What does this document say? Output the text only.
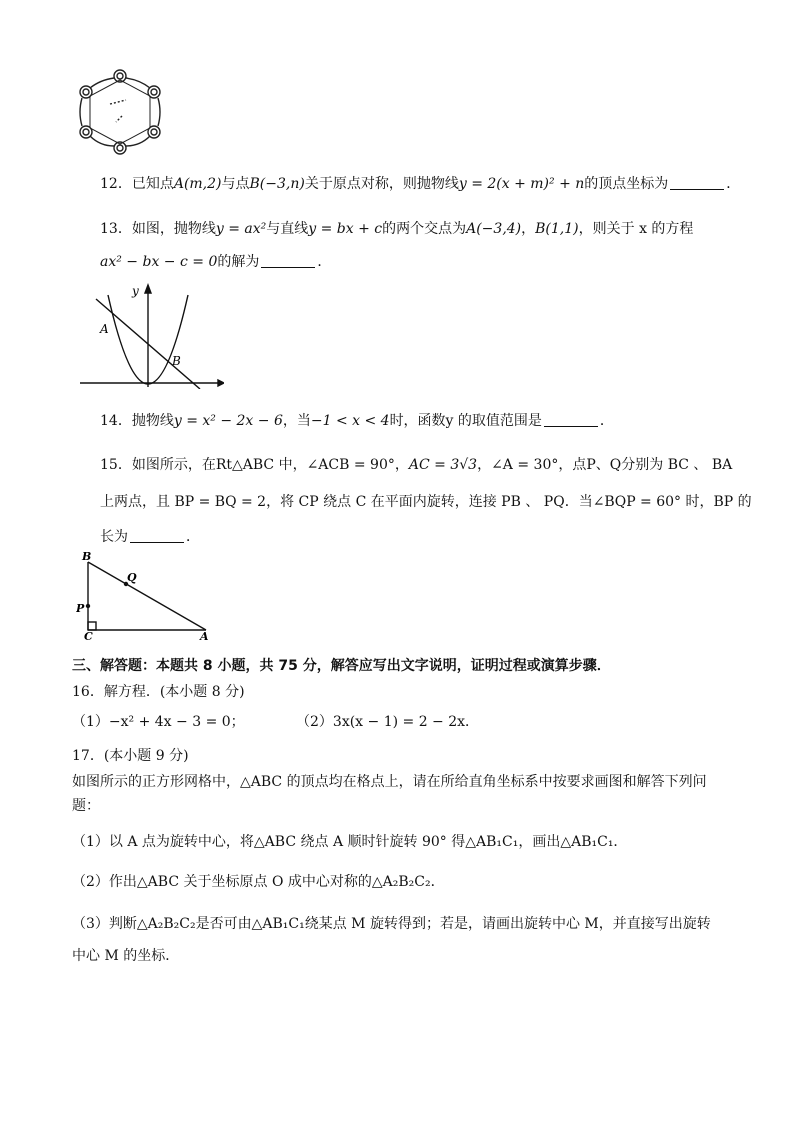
12．已知点A(m,2)与点B(−3,n)关于原点对称，则抛物线y = 2(x + m)² + n的顶点坐标为	．
13．如图，抛物线y = ax²与直线y = bx + c的两个交点为A(−3,4)，B(1,1)，则关于 x 的方程
ax² − bx − c = 0的解为	．
y
A
B
14．抛物线y = x² − 2x − 6，当−1 < x < 4时，函数y 的取值范围是	．
15．如图所示，在Rt△ABC 中，∠ACB = 90°，AC = 3√3，∠A = 30°，点P、Q分别为 BC 、 BA
上两点，且 BP = BQ = 2，将 CP 绕点 C 在平面内旋转，连接 PB 、 PQ．当∠BQP = 60° 时，BP 的
长为	．
B
Q
P
C	A
三、解答题：本题共 8 小题，共 75 分，解答应写出文字说明，证明过程或演算步骤．
16．解方程．(本小题 8 分)
（1）−x² + 4x − 3 = 0；	（2）3x(x − 1) = 2 − 2x．
17．(本小题 9 分)
如图所示的正方形网格中，△ABC 的顶点均在格点上，请在所给直角坐标系中按要求画图和解答下列问
题：
（1）以 A 点为旋转中心，将△ABC 绕点 A 顺时针旋转 90° 得△AB₁C₁，画出△AB₁C₁．
（2）作出△ABC 关于坐标原点 O 成中心对称的△A₂B₂C₂．
（3）判断△A₂B₂C₂是否可由△AB₁C₁绕某点 M 旋转得到；若是，请画出旋转中心 M，并直接写出旋转
中心 M 的坐标．
